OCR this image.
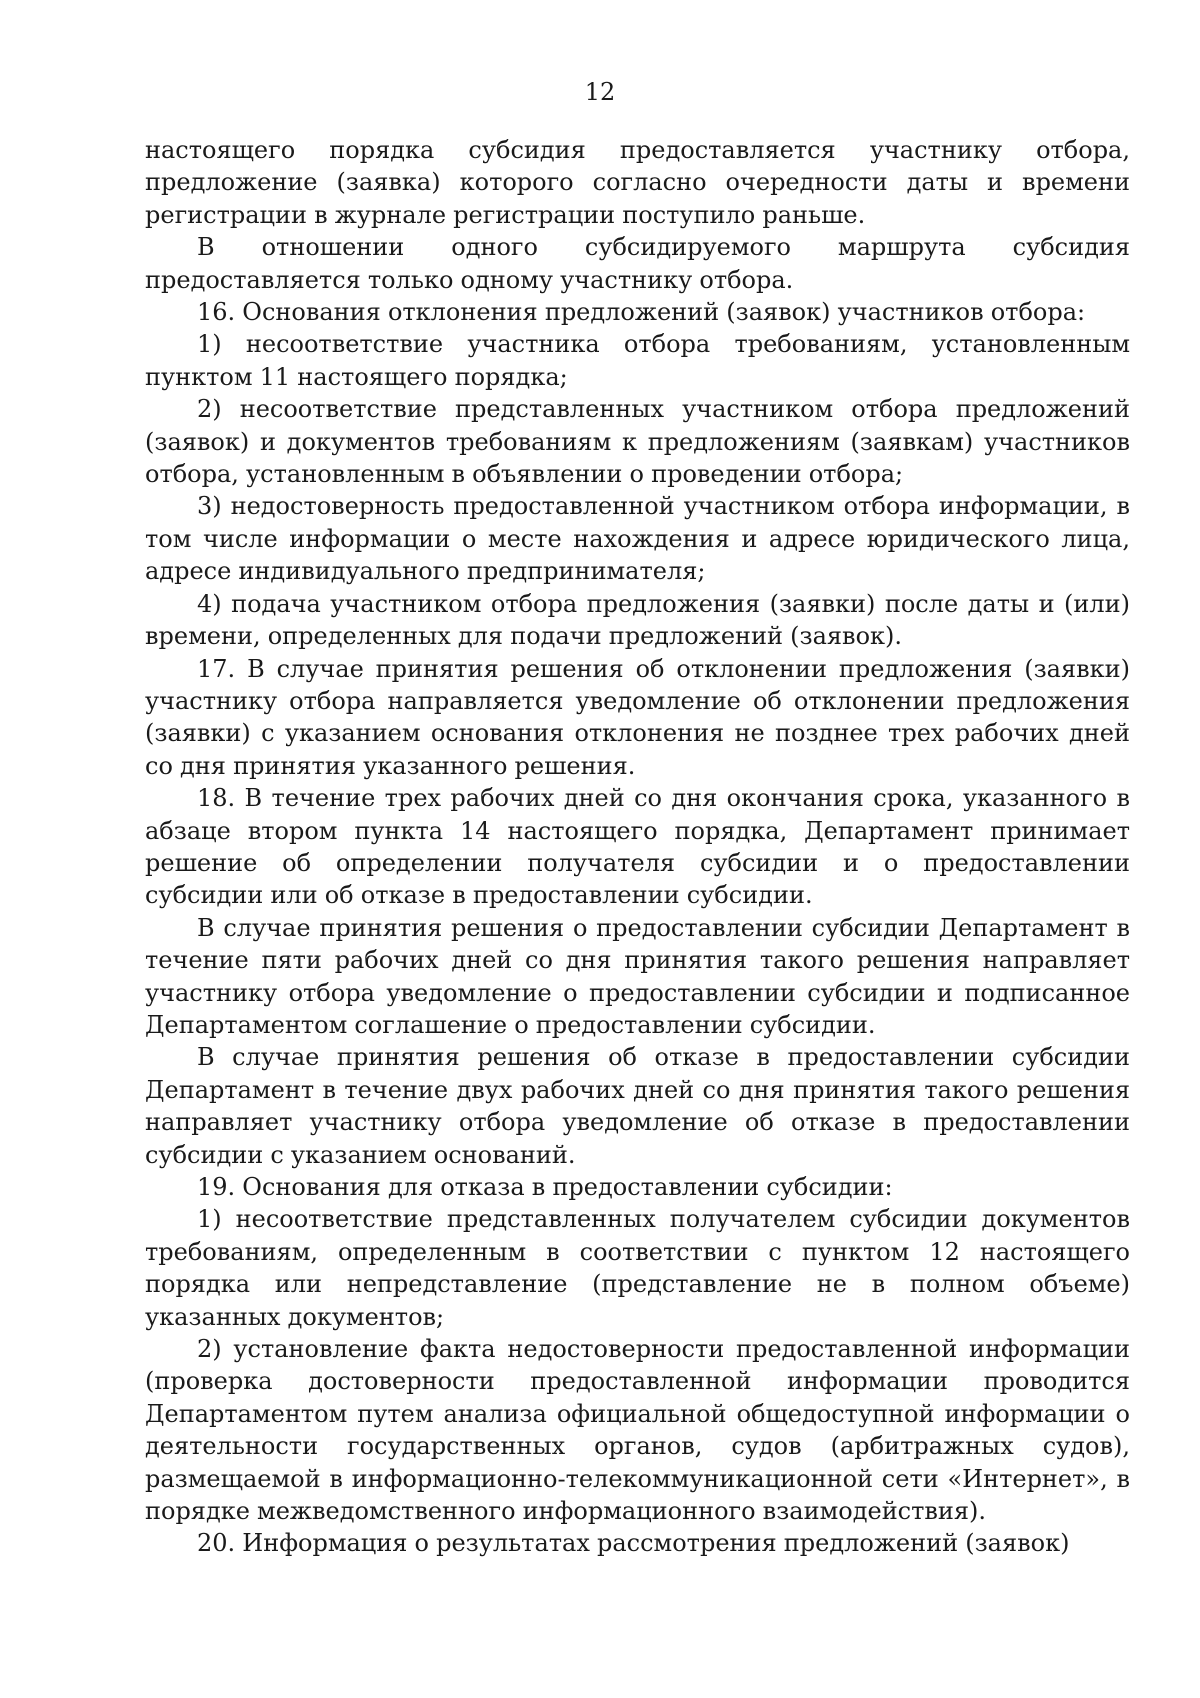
12

настоящего порядка субсидия предоставляется участнику отбора, предложение (заявка) которого согласно очередности даты и времени регистрации в журнале регистрации поступило раньше.

В отношении одного субсидируемого маршрута субсидия предоставляется только одному участнику отбора.

16. Основания отклонения предложений (заявок) участников отбора:

1) несоответствие участника отбора требованиям, установленным пунктом 11 настоящего порядка;

2) несоответствие представленных участником отбора предложений (заявок) и документов требованиям к предложениям (заявкам) участников отбора, установленным в объявлении о проведении отбора;

3) недостоверность предоставленной участником отбора информации, в том числе информации о месте нахождения и адресе юридического лица, адресе индивидуального предпринимателя;

4) подача участником отбора предложения (заявки) после даты и (или) времени, определенных для подачи предложений (заявок).

17. В случае принятия решения об отклонении предложения (заявки) участнику отбора направляется уведомление об отклонении предложения (заявки) с указанием основания отклонения не позднее трех рабочих дней со дня принятия указанного решения.

18. В течение трех рабочих дней со дня окончания срока, указанного в абзаце втором пункта 14 настоящего порядка, Департамент принимает решение об определении получателя субсидии и о предоставлении субсидии или об отказе в предоставлении субсидии.

В случае принятия решения о предоставлении субсидии Департамент в течение пяти рабочих дней со дня принятия такого решения направляет участнику отбора уведомление о предоставлении субсидии и подписанное Департаментом соглашение о предоставлении субсидии.

В случае принятия решения об отказе в предоставлении субсидии Департамент в течение двух рабочих дней со дня принятия такого решения направляет участнику отбора уведомление об отказе в предоставлении субсидии с указанием оснований.

19. Основания для отказа в предоставлении субсидии:

1) несоответствие представленных получателем субсидии документов требованиям, определенным в соответствии с пунктом 12 настоящего порядка или непредставление (представление не в полном объеме) указанных документов;

2) установление факта недостоверности предоставленной информации (проверка достоверности предоставленной информации проводится Департаментом путем анализа официальной общедоступной информации о деятельности государственных органов, судов (арбитражных судов), размещаемой в информационно-телекоммуникационной сети «Интернет», в порядке межведомственного информационного взаимодействия).

20. Информация о результатах рассмотрения предложений (заявок)
